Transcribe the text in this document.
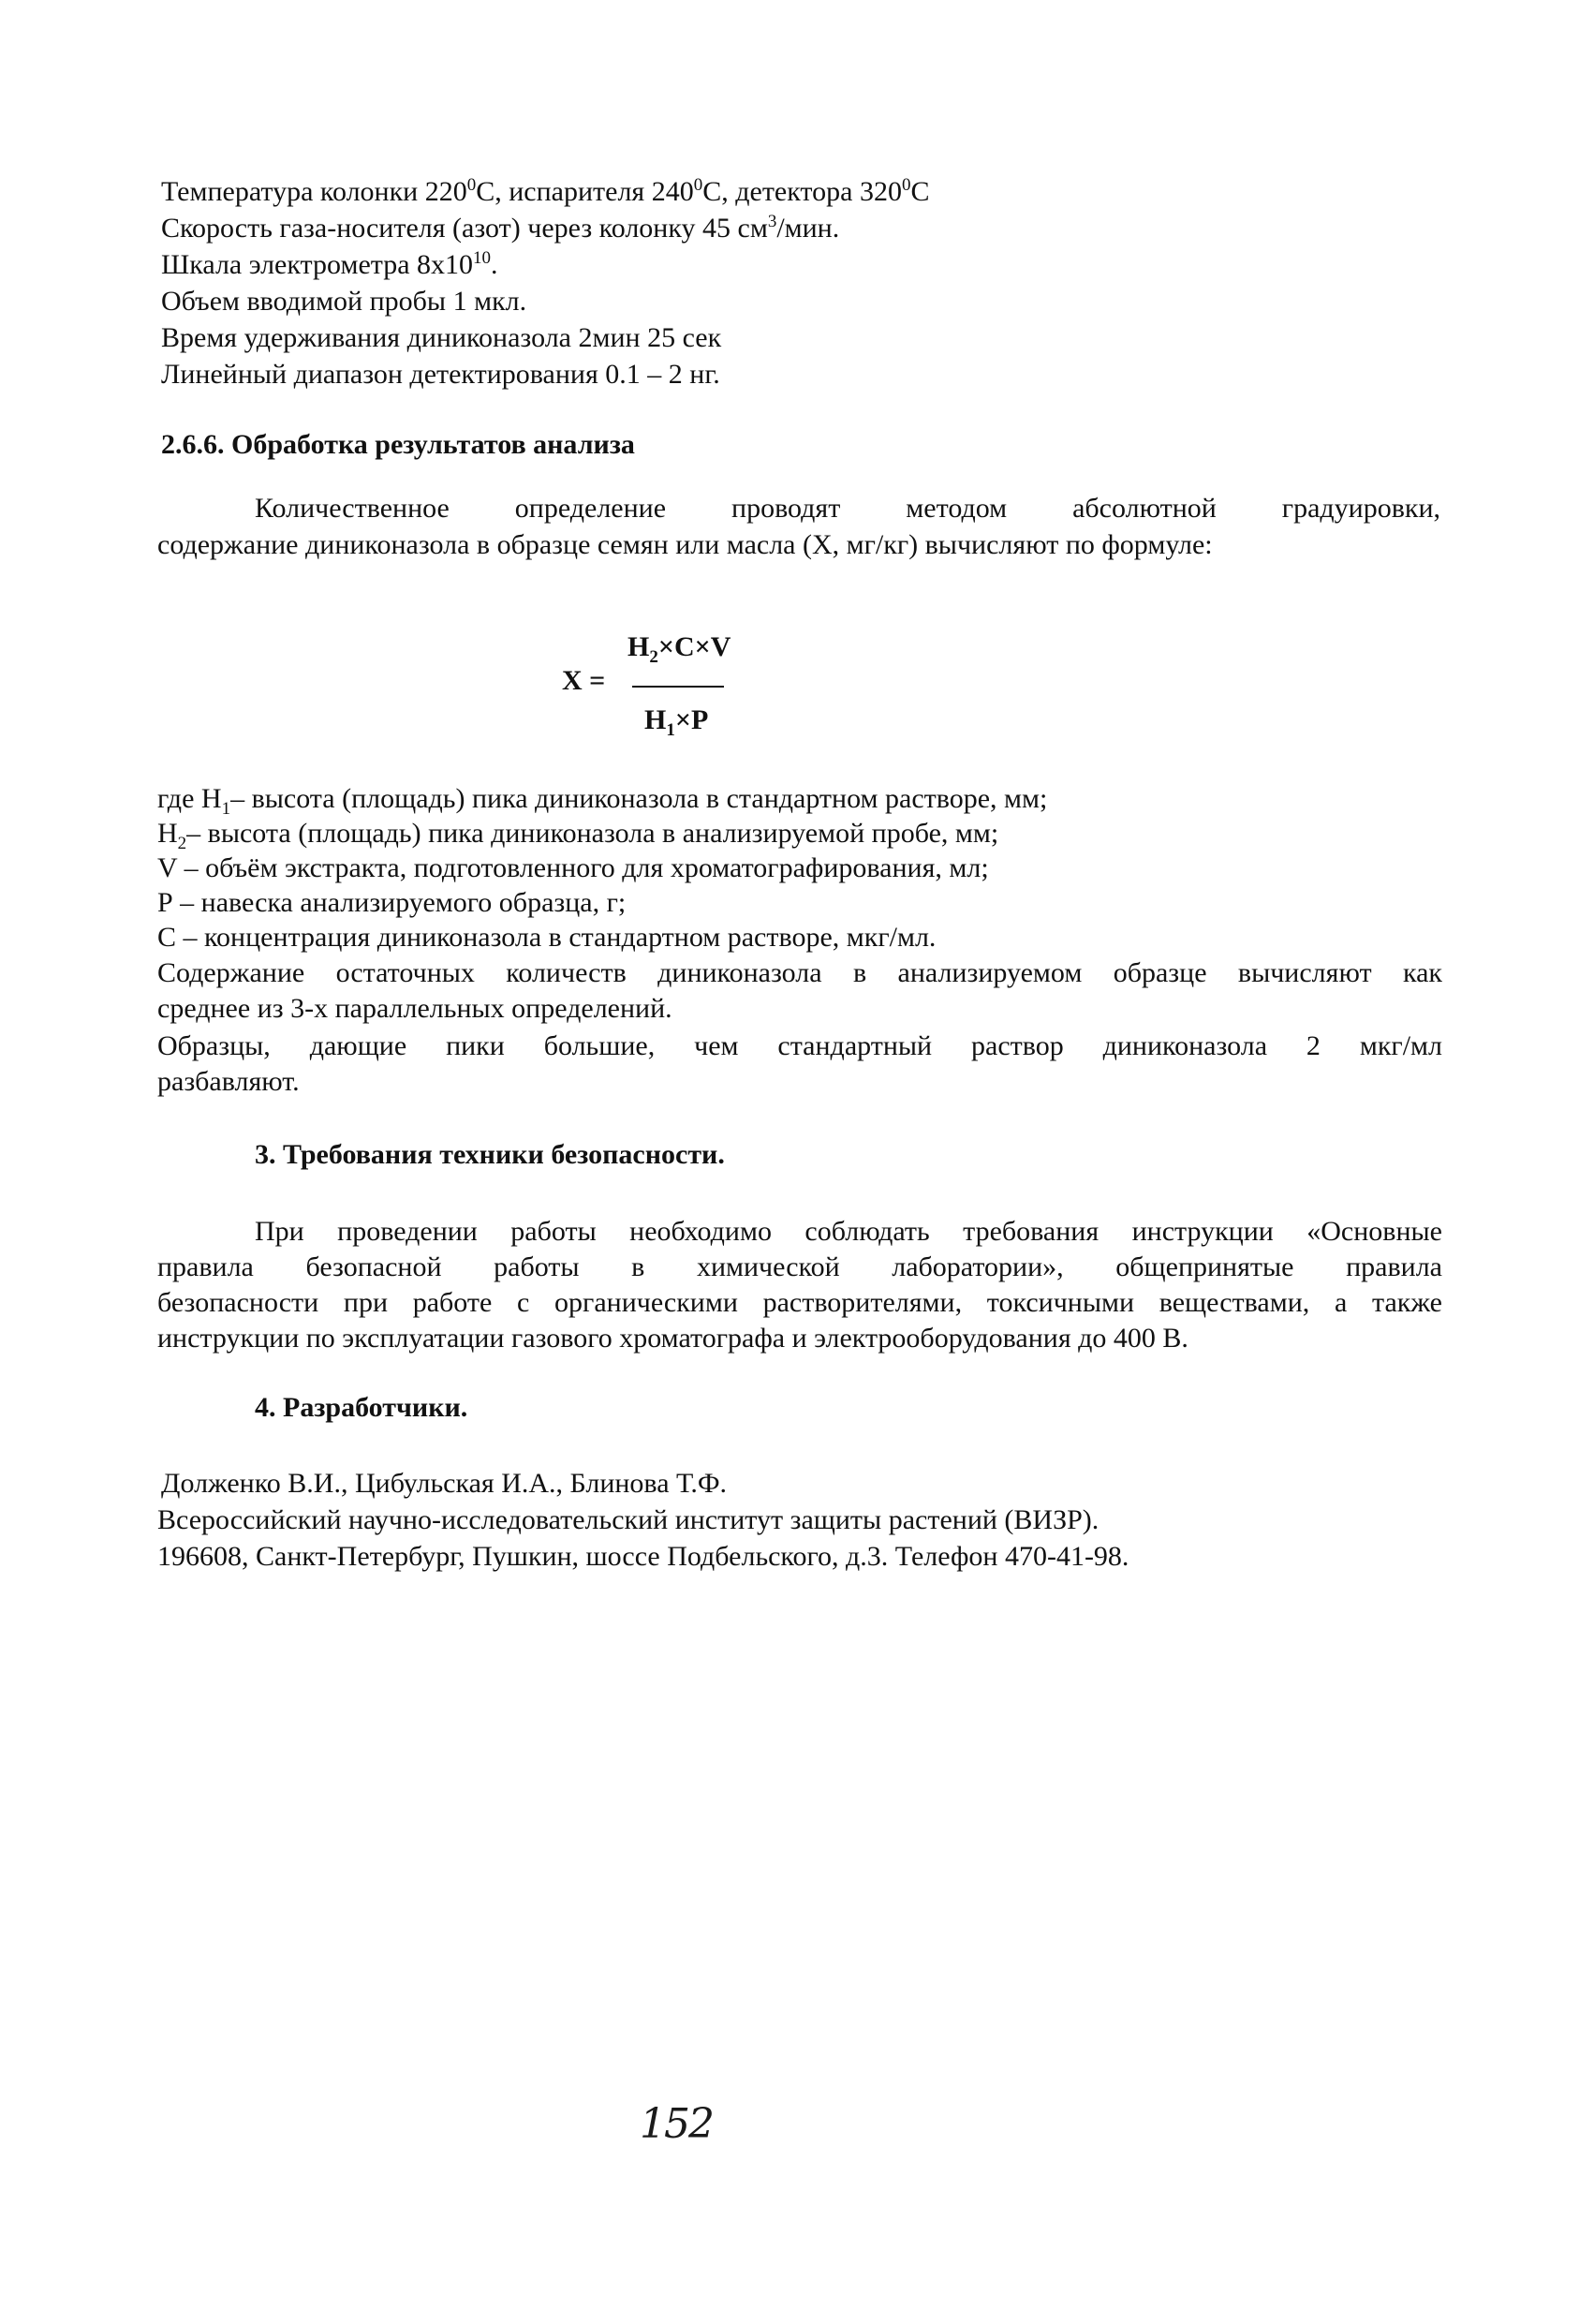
Температура колонки $220^0С$, испарителя $240^0С$, детектора $320^0С$
Скорость газа-носителя (азот) через колонку 45 $см^3$/мин.
Шкала электрометра $8х10^{10}$.
Объем вводимой пробы 1 мкл.
Время удерживания диниконазола 2мин 25 сек
Линейный диапазон детектирования 0.1 – 2 нг.
2.6.6. Обработка результатов анализа
Количественное определение проводят методом абсолютной градуировки,
содержание диниконазола в образце семян или масла (Х, мг/кг) вычисляют по формуле:
X =
$H_2\times C\times V$
$H_1\times P$
где $H_1-$ высота (площадь) пика диниконазола в стандартном растворе, мм;
$H_2-$ высота (площадь) пика диниконазола в анализируемой пробе, мм;
V – объём экстракта, подготовленного для хроматографирования, мл;
Р – навеска анализируемого образца, г;
С – концентрация диниконазола в стандартном растворе, мкг/мл.
Содержание остаточных количеств диниконазола в анализируемом образце вычисляют как
среднее из 3-х параллельных определений.
Образцы, дающие пики большие, чем стандартный раствор диниконазола 2 мкг/мл
разбавляют.
3. Требования техники безопасности.
При проведении работы необходимо соблюдать требования инструкции «Основные
правила безопасной работы в химической лаборатории», общепринятые правила
безопасности при работе с органическими растворителями, токсичными веществами, а также
инструкции по эксплуатации газового хроматографа и электрооборудования до 400 В.
4. Разработчики.
Долженко В.И., Цибульская И.А., Блинова Т.Ф.
Всероссийский научно-исследовательский институт защиты растений (ВИЗР).
196608, Санкт-Петербург, Пушкин, шоссе Подбельского, д.3. Телефон 470-41-98.
152
